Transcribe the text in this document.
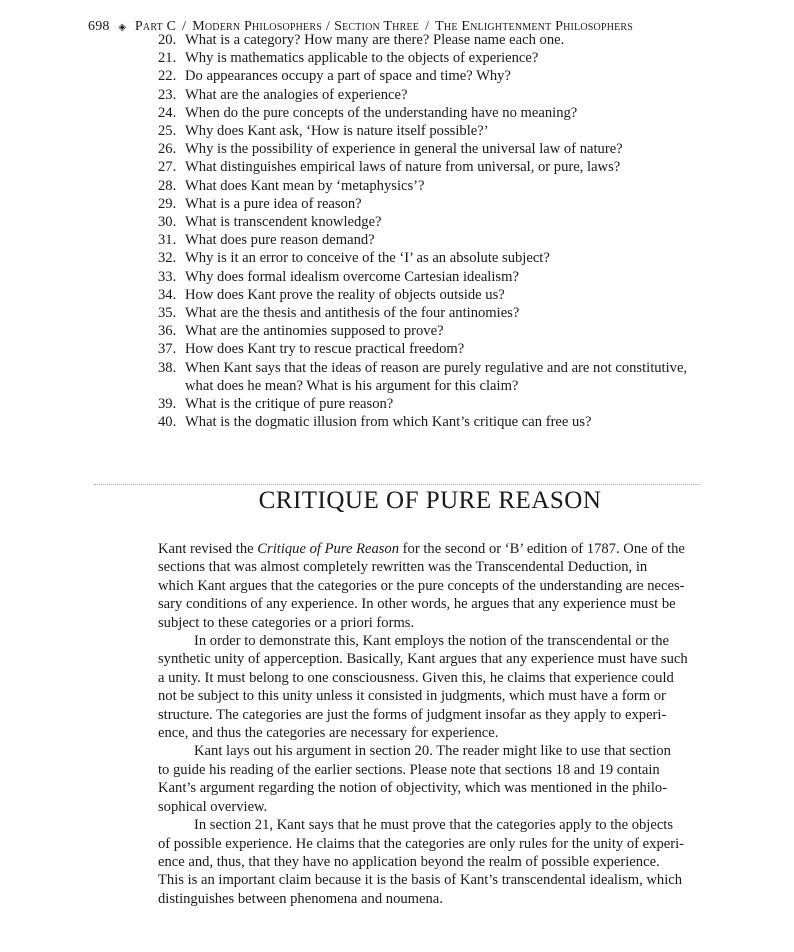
698 ◈ Part C / Modern Philosophers / Section Three / The Enlightenment Philosophers
20. What is a category? How many are there? Please name each one.
21. Why is mathematics applicable to the objects of experience?
22. Do appearances occupy a part of space and time? Why?
23. What are the analogies of experience?
24. When do the pure concepts of the understanding have no meaning?
25. Why does Kant ask, ‘How is nature itself possible?’
26. Why is the possibility of experience in general the universal law of nature?
27. What distinguishes empirical laws of nature from universal, or pure, laws?
28. What does Kant mean by ‘metaphysics’?
29. What is a pure idea of reason?
30. What is transcendent knowledge?
31. What does pure reason demand?
32. Why is it an error to conceive of the ‘I’ as an absolute subject?
33. Why does formal idealism overcome Cartesian idealism?
34. How does Kant prove the reality of objects outside us?
35. What are the thesis and antithesis of the four antinomies?
36. What are the antinomies supposed to prove?
37. How does Kant try to rescue practical freedom?
38. When Kant says that the ideas of reason are purely regulative and are not constitutive, what does he mean? What is his argument for this claim?
39. What is the critique of pure reason?
40. What is the dogmatic illusion from which Kant’s critique can free us?
CRITIQUE OF PURE REASON
Kant revised the Critique of Pure Reason for the second or ‘B’ edition of 1787. One of the
sections that was almost completely rewritten was the Transcendental Deduction, in
which Kant argues that the categories or the pure concepts of the understanding are neces-
sary conditions of any experience. In other words, he argues that any experience must be
subject to these categories or a priori forms.
In order to demonstrate this, Kant employs the notion of the transcendental or the
synthetic unity of apperception. Basically, Kant argues that any experience must have such
a unity. It must belong to one consciousness. Given this, he claims that experience could
not be subject to this unity unless it consisted in judgments, which must have a form or
structure. The categories are just the forms of judgment insofar as they apply to experi-
ence, and thus the categories are necessary for experience.
Kant lays out his argument in section 20. The reader might like to use that section
to guide his reading of the earlier sections. Please note that sections 18 and 19 contain
Kant’s argument regarding the notion of objectivity, which was mentioned in the philo-
sophical overview.
In section 21, Kant says that he must prove that the categories apply to the objects
of possible experience. He claims that the categories are only rules for the unity of experi-
ence and, thus, that they have no application beyond the realm of possible experience.
This is an important claim because it is the basis of Kant’s transcendental idealism, which
distinguishes between phenomena and noumena.
